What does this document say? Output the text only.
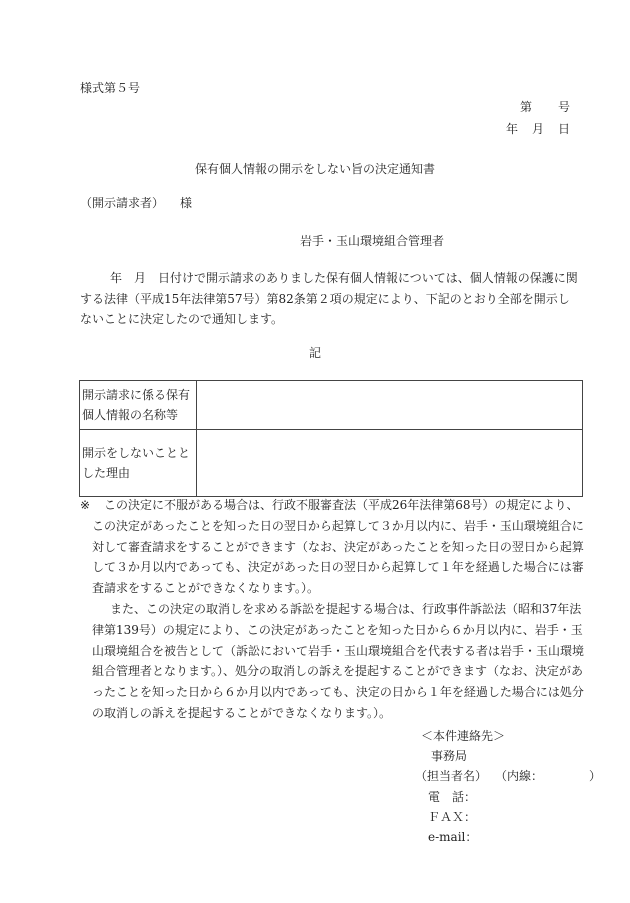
様式第５号
第 号
年 月 日
保有個人情報の開示をしない旨の決定通知書
（開示請求者） 様
岩手・玉山環境組合管理者
年　月　日付けで開示請求のありました保有個人情報については、個人情報の保護に関する法律（平成15年法律第57号）第82条第２項の規定により、下記のとおり全部を開示しないことに決定したので通知します。
記
開示請求に係る保有個人情報の名称等	
開示をしないこととした理由	
※	この決定に不服がある場合は、行政不服審査法（平成26年法律第68号）の規定により、この決定があったことを知った日の翌日から起算して３か月以内に、岩手・玉山環境組合に対して審査請求をすることができます（なお、決定があったことを知った日の翌日から起算して３か月以内であっても、決定があった日の翌日から起算して１年を経過した場合には審査請求をすることができなくなります。）。

また、この決定の取消しを求める訴訟を提起する場合は、行政事件訴訟法（昭和37年法律第139号）の規定により、この決定があったことを知った日から６か月以内に、岩手・玉山環境組合を被告として（訴訟において岩手・玉山環境組合を代表する者は岩手・玉山環境組合管理者となります。）、処分の取消しの訴えを提起することができます（なお、決定があったことを知った日から６か月以内であっても、決定の日から１年を経過した場合には処分の取消しの訴えを提起することができなくなります。）。

＜本件連絡先＞
事務局
（担当者名） （内線：	）
電　話：
ＦＡＸ：
e-mail：
